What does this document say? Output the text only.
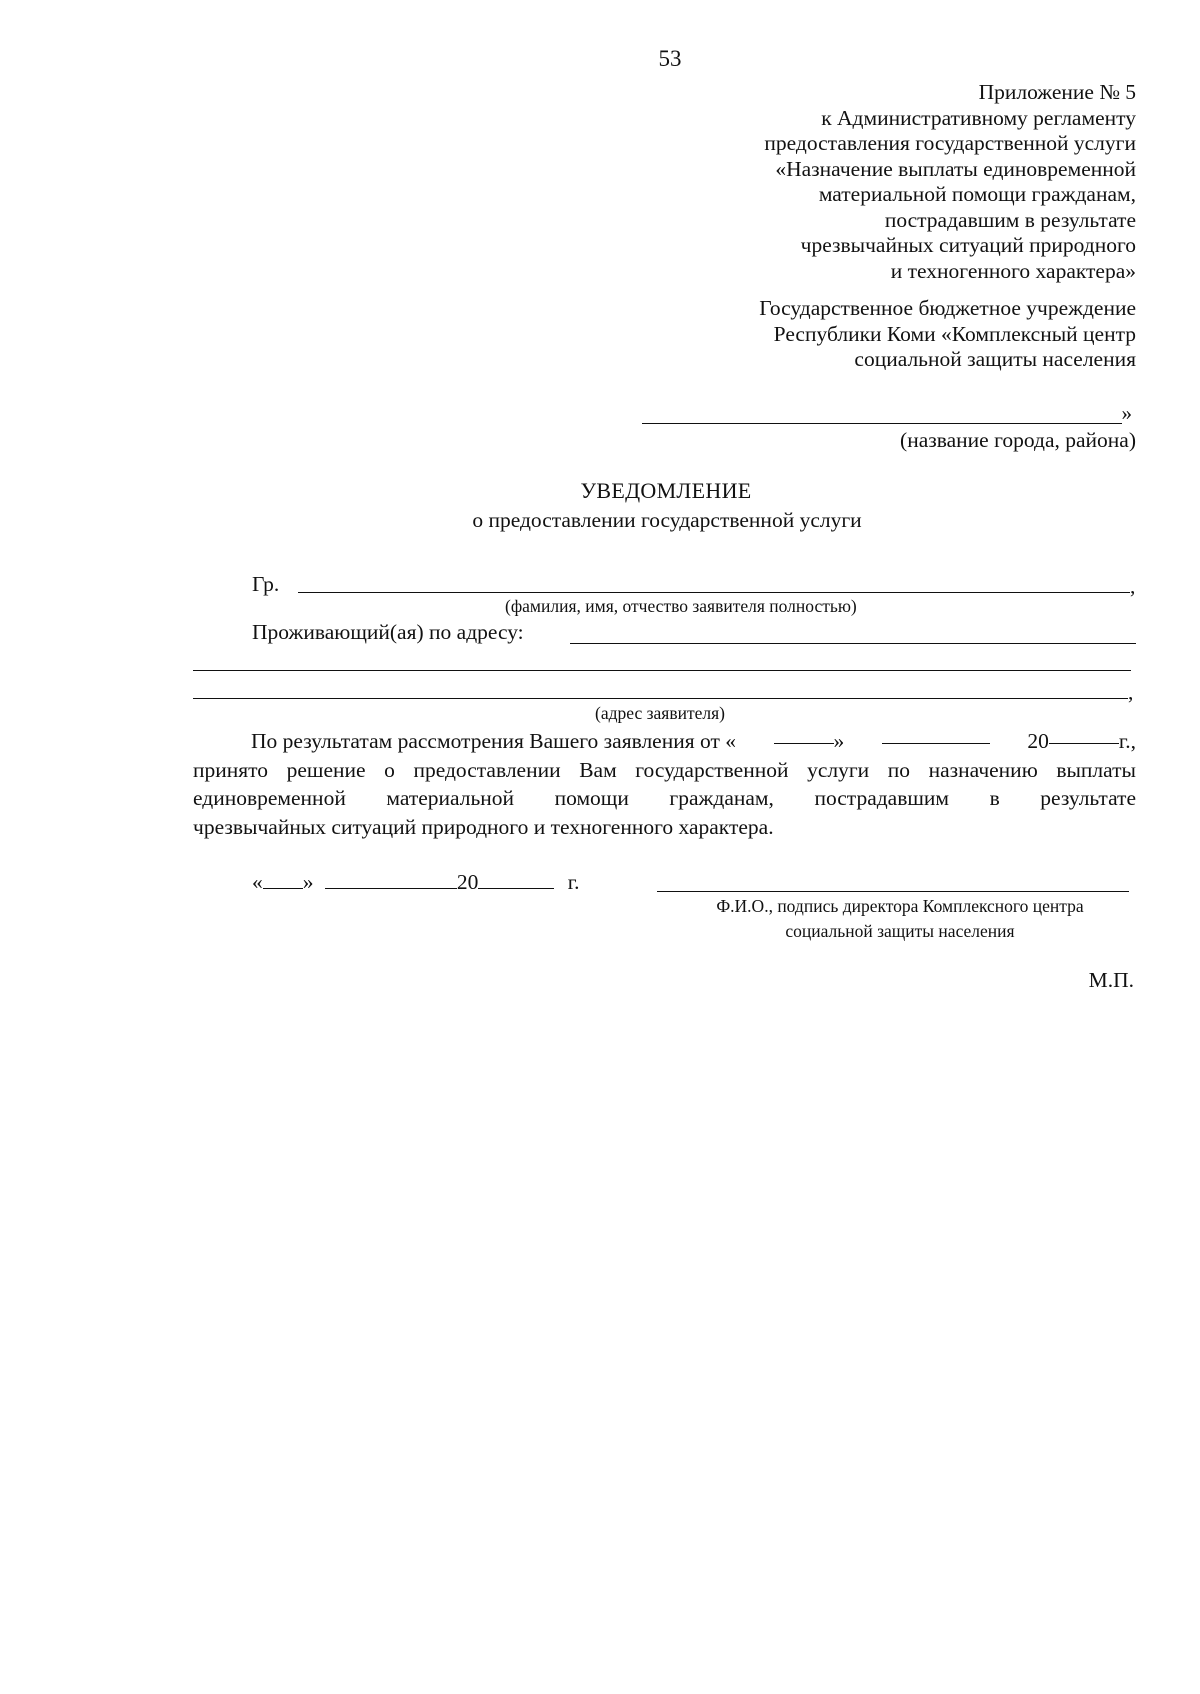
53
Приложение № 5
к Административному регламенту
предоставления государственной услуги
«Назначение выплаты единовременной
материальной помощи гражданам,
пострадавшим в результате
чрезвычайных ситуаций природного
и техногенного характера»
Государственное бюджетное учреждение
Республики Коми «Комплексный центр
социальной защиты населения
»
(название города, района)
УВЕДОМЛЕНИЕ
о предоставлении государственной услуги
Гр.	,
(фамилия, имя, отчество заявителя полностью)
Проживающий(ая) по адресу:
,
(адрес заявителя)
По результатам рассмотрения Вашего заявления от «	»	20	г.,
принято решение о предоставлении Вам государственной услуги по назначению выплаты
единовременной материальной помощи гражданам, пострадавшим в результате
чрезвычайных ситуаций природного и техногенного характера.
« »	20	г.
Ф.И.О., подпись директора Комплексного центра
социальной защиты населения
М.П.
